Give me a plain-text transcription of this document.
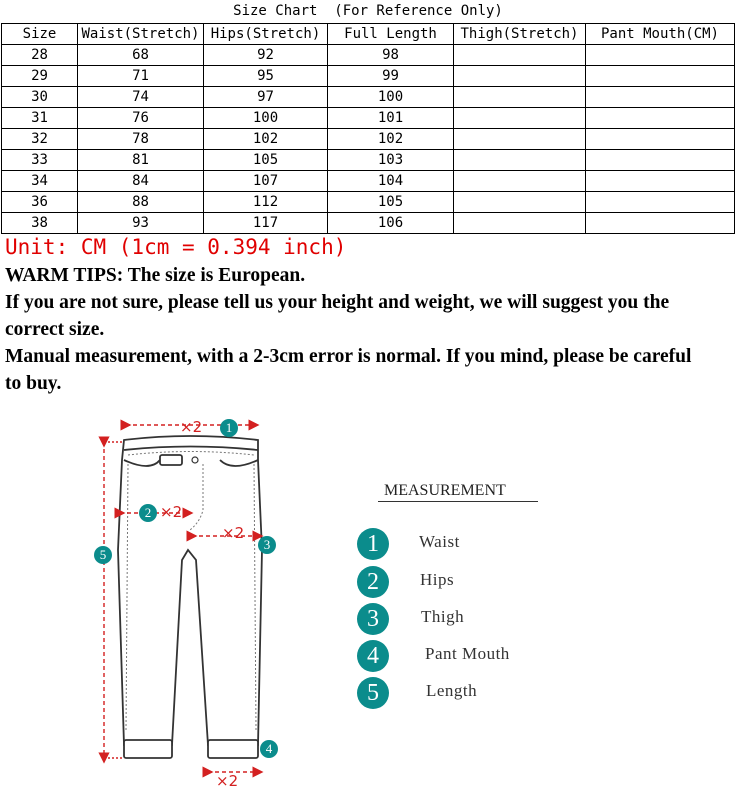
Size Chart  (For Reference Only)
Size	Waist(Stretch)	Hips(Stretch)	Full Length	Thigh(Stretch)	Pant Mouth(CM)
28	68	92	98		
29	71	95	99		
30	74	97	100		
31	76	100	101		
32	78	102	102		
33	81	105	103		
34	84	107	104		
36	88	112	105		
38	93	117	106		
Unit: CM (1cm = 0.394 inch)
WARM TIPS: The size is European.
If you are not sure, please tell us your height and weight, we will suggest you the
correct size.
Manual measurement, with a 2-3cm error is normal. If you mind, please be careful
to buy.
×2
×2
×2
×2
1
2
3
4
5
MEASUREMENT
1	Waist
2	Hips
3	Thigh
4	Pant Mouth
5	Length
